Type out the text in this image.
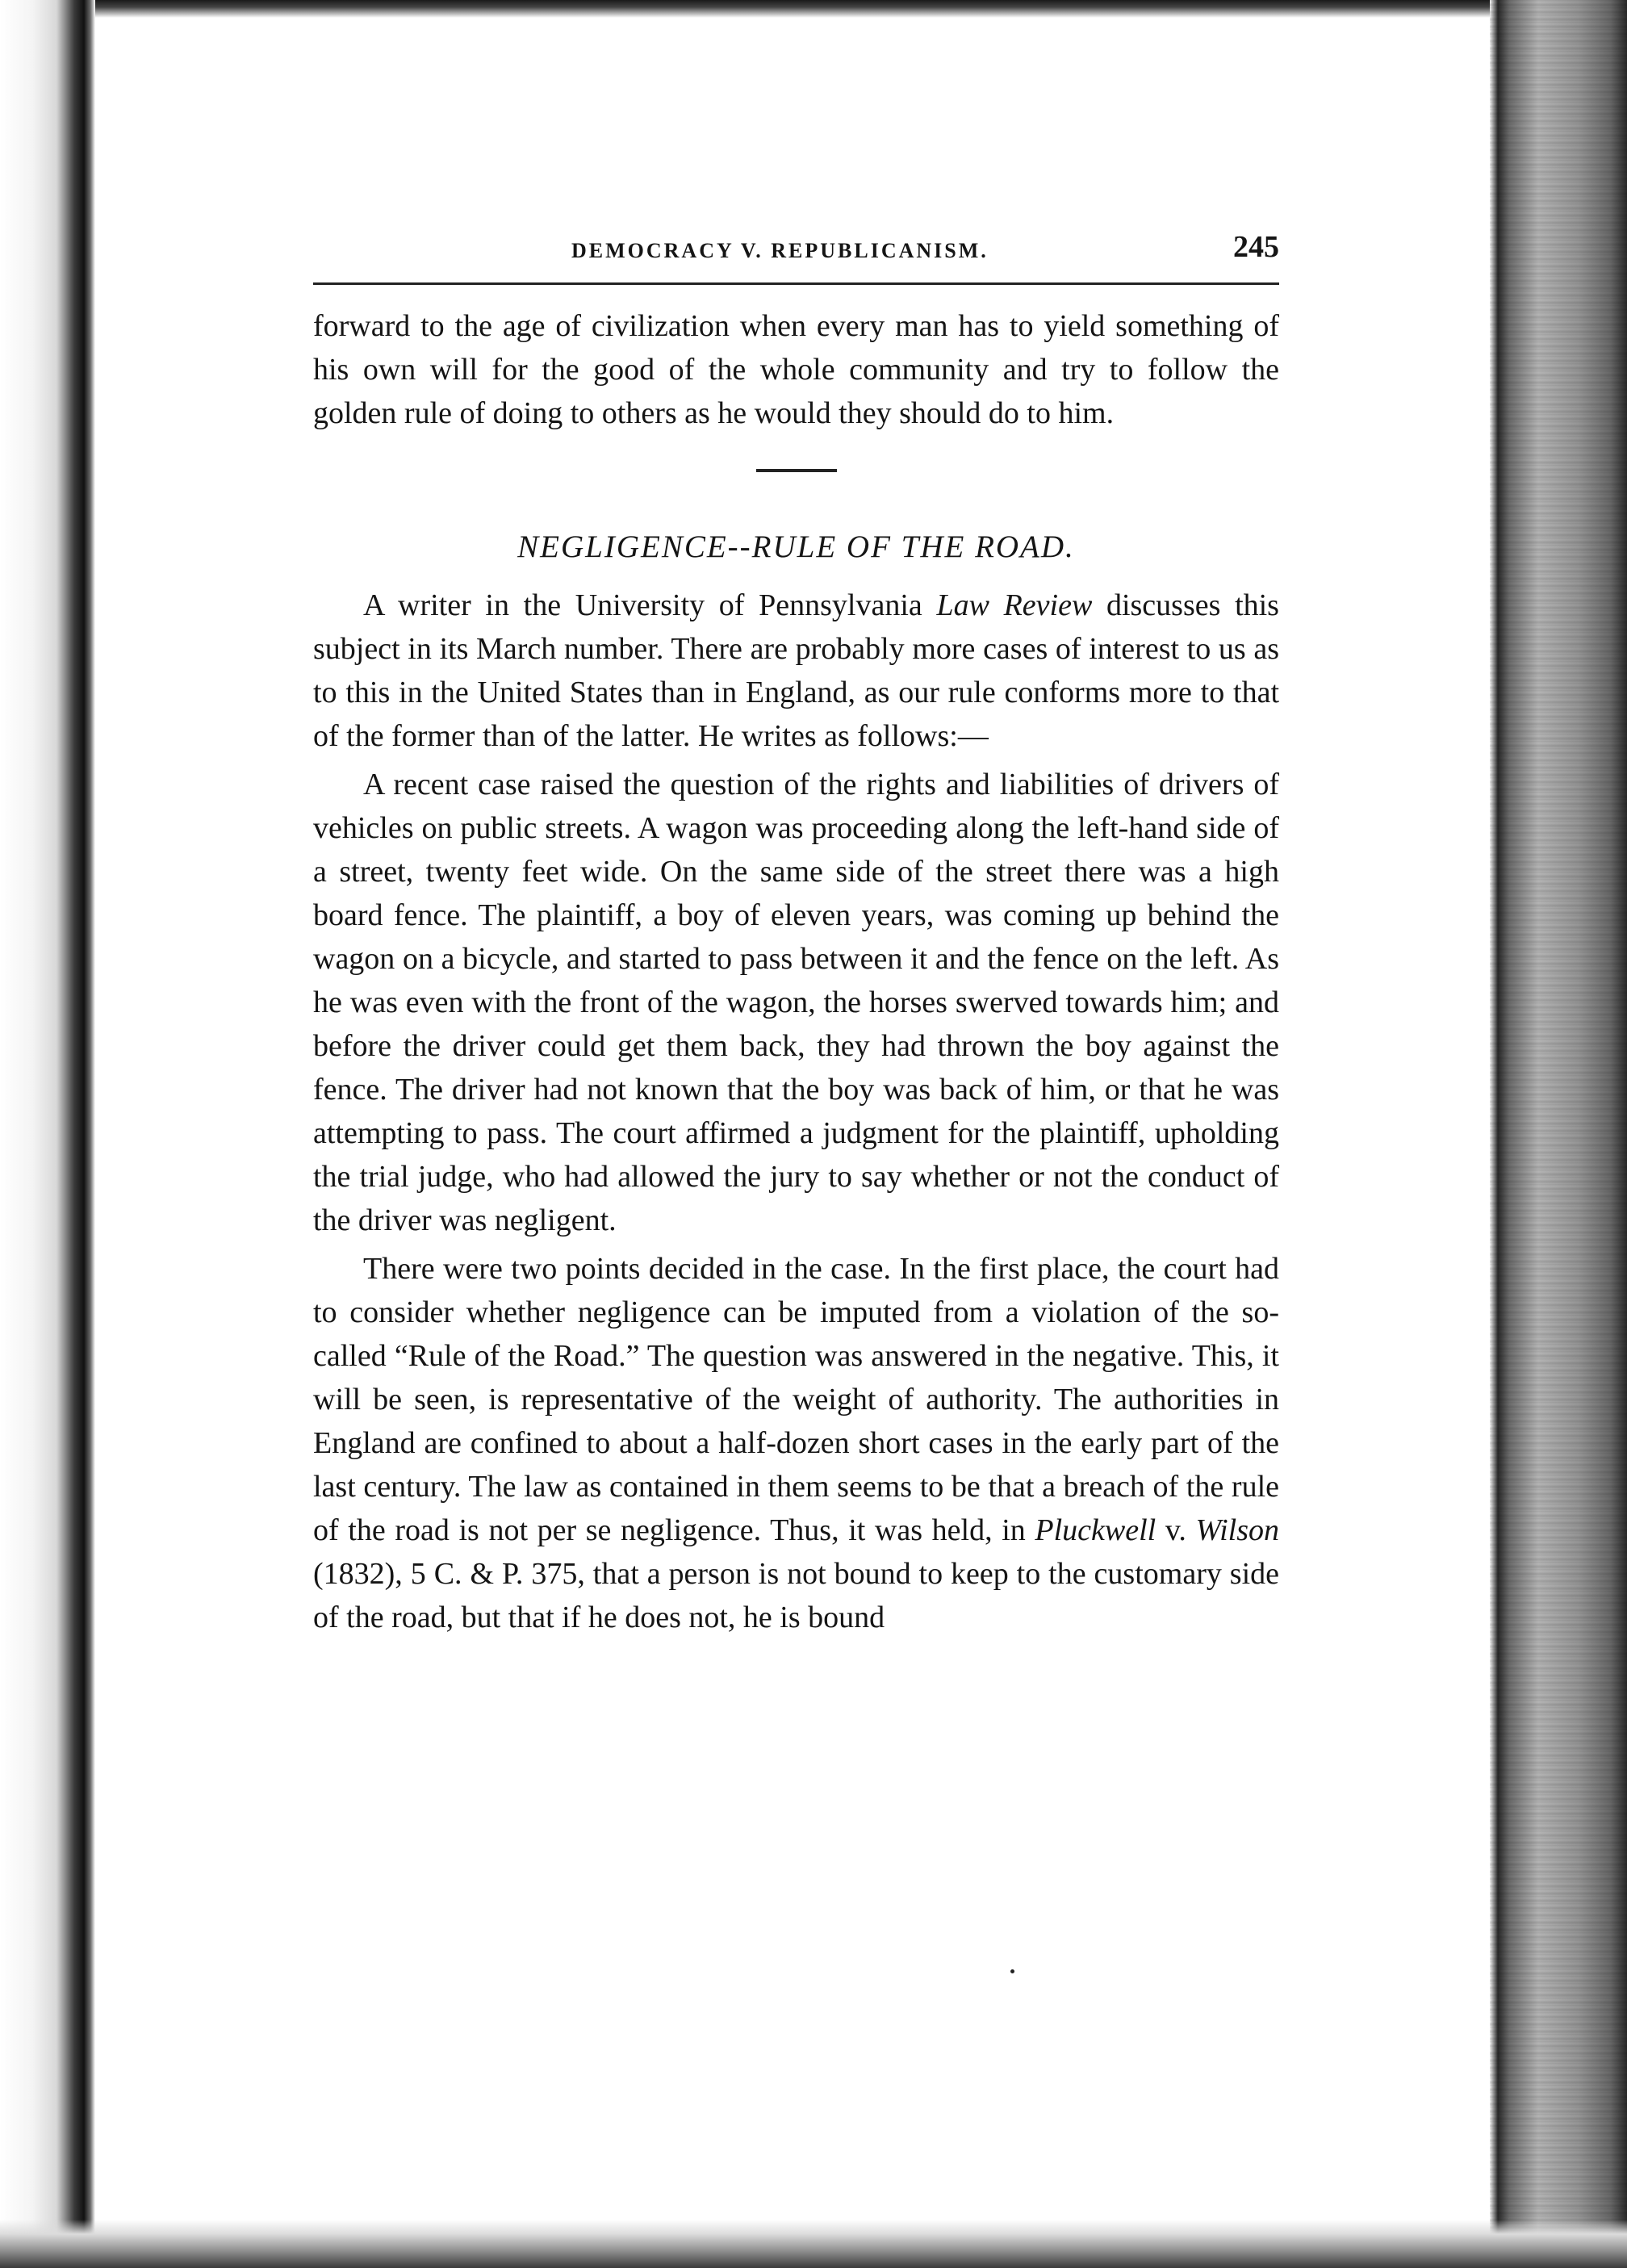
DEMOCRACY V. REPUBLICANISM.	245

forward to the age of civilization when every man has to yield something of his own will for the good of the whole community and try to follow the golden rule of doing to others as he would they should do to him.

NEGLIGENCE--RULE OF THE ROAD.

A writer in the University of Pennsylvania Law Review discusses this subject in its March number. There are probably more cases of interest to us as to this in the United States than in England, as our rule conforms more to that of the former than of the latter. He writes as follows:—

A recent case raised the question of the rights and liabilities of drivers of vehicles on public streets. A wagon was proceeding along the left-hand side of a street, twenty feet wide. On the same side of the street there was a high board fence. The plaintiff, a boy of eleven years, was coming up behind the wagon on a bicycle, and started to pass between it and the fence on the left. As he was even with the front of the wagon, the horses swerved towards him; and before the driver could get them back, they had thrown the boy against the fence. The driver had not known that the boy was back of him, or that he was attempting to pass. The court affirmed a judgment for the plaintiff, upholding the trial judge, who had allowed the jury to say whether or not the conduct of the driver was negligent.

There were two points decided in the case. In the first place, the court had to consider whether negligence can be imputed from a violation of the so-called “Rule of the Road.” The question was answered in the negative. This, it will be seen, is representative of the weight of authority. The authorities in England are confined to about a half-dozen short cases in the early part of the last century. The law as contained in them seems to be that a breach of the rule of the road is not per se negligence. Thus, it was held, in Pluckwell v. Wilson (1832), 5 C. & P. 375, that a person is not bound to keep to the customary side of the road, but that if he does not, he is bound
